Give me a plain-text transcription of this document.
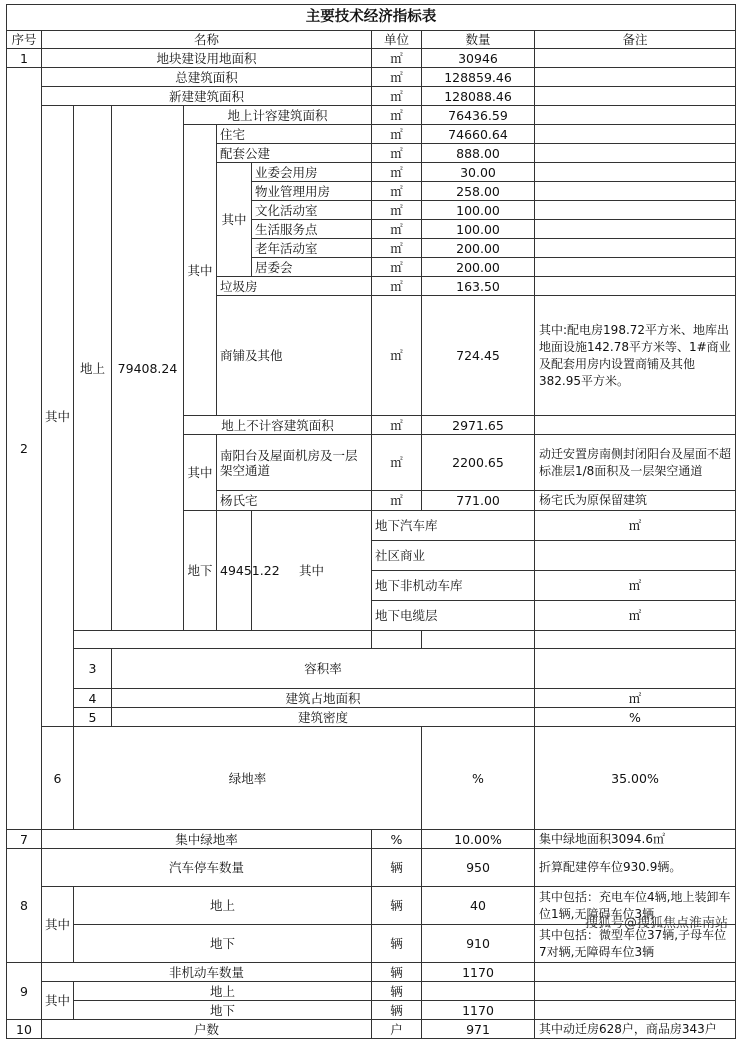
主要技术经济指标表										
序号	名称						单位	数量	备注	
1	地块建设用地面积						㎡	30946		
2	总建筑面积						㎡	128859.46		
	新建建筑面积						㎡	128088.46		
	其中	地上	79408.24	地上计容建筑面积			㎡	76436.59		
				其中	住宅		㎡	74660.64		
					配套公建		㎡	888.00		
					其中	业委会用房	㎡	30.00		
						物业管理用房	㎡	258.00		
						文化活动室	㎡	100.00		
						生活服务点	㎡	100.00		
						老年活动室	㎡	200.00		
						居委会	㎡	200.00		
					垃圾房		㎡	163.50		
					商铺及其他		㎡	724.45	其中:配电房198.72平方米、地库出地面设施142.78平方米等、1#商业及配套用房内设置商铺及其他382.95平方米。	

				地上不计容建筑面积			㎡	2971.65		
				其中	南阳台及屋面机房及一层架空通道		㎡	2200.65	动迁安置房南侧封闭阳台及屋面不超标准层1/8面积及一层架空通道	
					杨氏宅		㎡	771.00	杨宅氏为原保留建筑	
				地下	49451.22	其中	地下汽车库		㎡		
							社区商业		
							地下非机动车库		㎡	
							地下电缆层		㎡	

		3	容积率			
		4	建筑占地面积						㎡		
		5	建筑密度						%		
	6	绿地率						%	35.00%	
7	集中绿地率						%	10.00%	集中绿地面积3094.6㎡	
8	汽车停车数量						辆	950	折算配建停车位930.9辆。	
	其中	地上					辆	40	其中包括：充电车位4辆,地上装卸车位1辆,无障碍车位3辆	
		地下					辆	910	其中包括：微型车位37辆,子母车位7对辆,无障碍车位3辆	
9	非机动车数量						辆	1170		
	其中	地上					辆			
		地下					辆	1170		
10	户数						户	971	其中动迁房628户，商品房343户	
搜狐号@搜狐焦点淮南站
